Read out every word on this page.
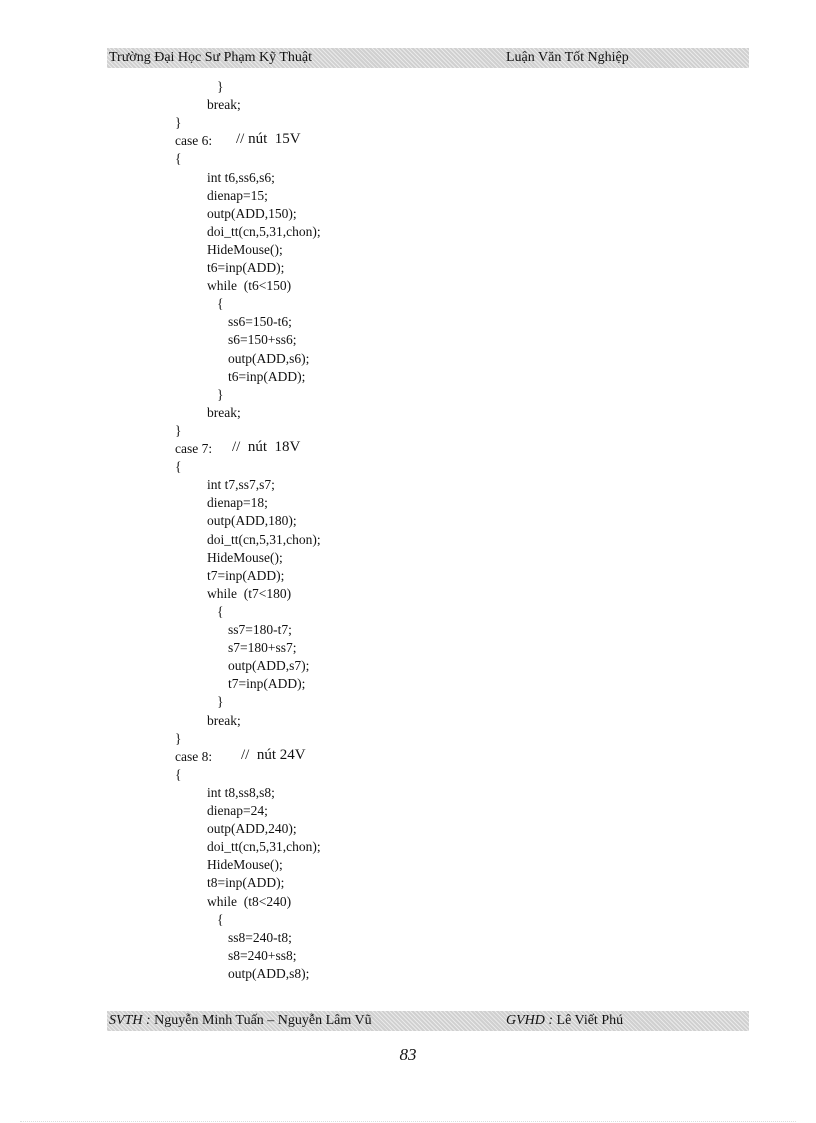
Trường Đại Học Sư Phạm Kỹ Thuật	Luận Văn Tốt Nghiệp
}
break;
}
case 6: // nút  15V
{
int t6,ss6,s6;
dienap=15;
outp(ADD,150);
doi_tt(cn,5,31,chon);
HideMouse();
t6=inp(ADD);
while  (t6<150)
{
ss6=150-t6;
s6=150+ss6;
outp(ADD,s6);
t6=inp(ADD);
}
break;
}
case 7: //  nút  18V
{
int t7,ss7,s7;
dienap=18;
outp(ADD,180);
doi_tt(cn,5,31,chon);
HideMouse();
t7=inp(ADD);
while  (t7<180)
{
ss7=180-t7;
s7=180+ss7;
outp(ADD,s7);
t7=inp(ADD);
}
break;
}
case 8: //  nút 24V
{
int t8,ss8,s8;
dienap=24;
outp(ADD,240);
doi_tt(cn,5,31,chon);
HideMouse();
t8=inp(ADD);
while  (t8<240)
{
ss8=240-t8;
s8=240+ss8;
outp(ADD,s8);
SVTH : Nguyễn Minh Tuấn – Nguyễn Lâm Vũ	GVHD : Lê Viết Phú
83
